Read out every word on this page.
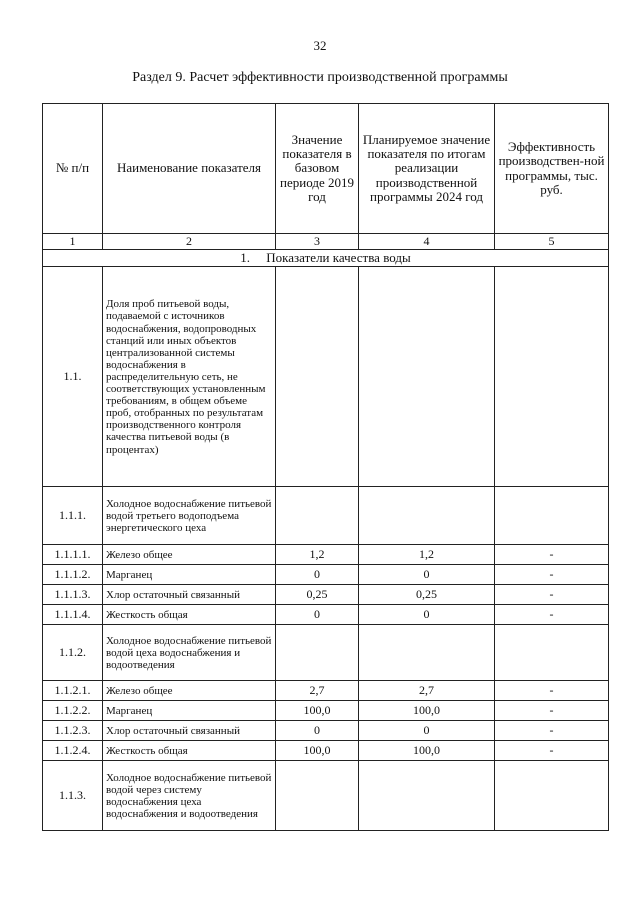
32
Раздел 9. Расчет эффективности производственной программы
№ п/п	Наименование показателя	Значение показателя в базовом периоде 2019 год	Планируемое значение показателя по итогам реализации производственной программы 2024 год	Эффективность производствен-ной программы, тыс. руб.
1	2	3	4	5
1. Показатели качества воды				
1.1.	Доля проб питьевой воды, подаваемой с источников водоснабжения, водопроводных станций или иных объектов централизованной системы водоснабжения в распределительную сеть, не соответствующих установленным требованиям, в общем объеме проб, отобранных по результатам производственного контроля качества питьевой воды (в процентах)			
1.1.1.	Холодное водоснабжение питьевой водой третьего водоподъема энергетического цеха			
1.1.1.1.	Железо общее	1,2	1,2	-
1.1.1.2.	Марганец	0	0	-
1.1.1.3.	Хлор остаточный связанный	0,25	0,25	-
1.1.1.4.	Жесткость общая	0	0	-
1.1.2.	Холодное водоснабжение питьевой водой цеха водоснабжения и водоотведения			
1.1.2.1.	Железо общее	2,7	2,7	-
1.1.2.2.	Марганец	100,0	100,0	-
1.1.2.3.	Хлор остаточный связанный	0	0	-
1.1.2.4.	Жесткость общая	100,0	100,0	-
1.1.3.	Холодное водоснабжение питьевой водой через систему водоснабжения цеха водоснабжения и водоотведения			
